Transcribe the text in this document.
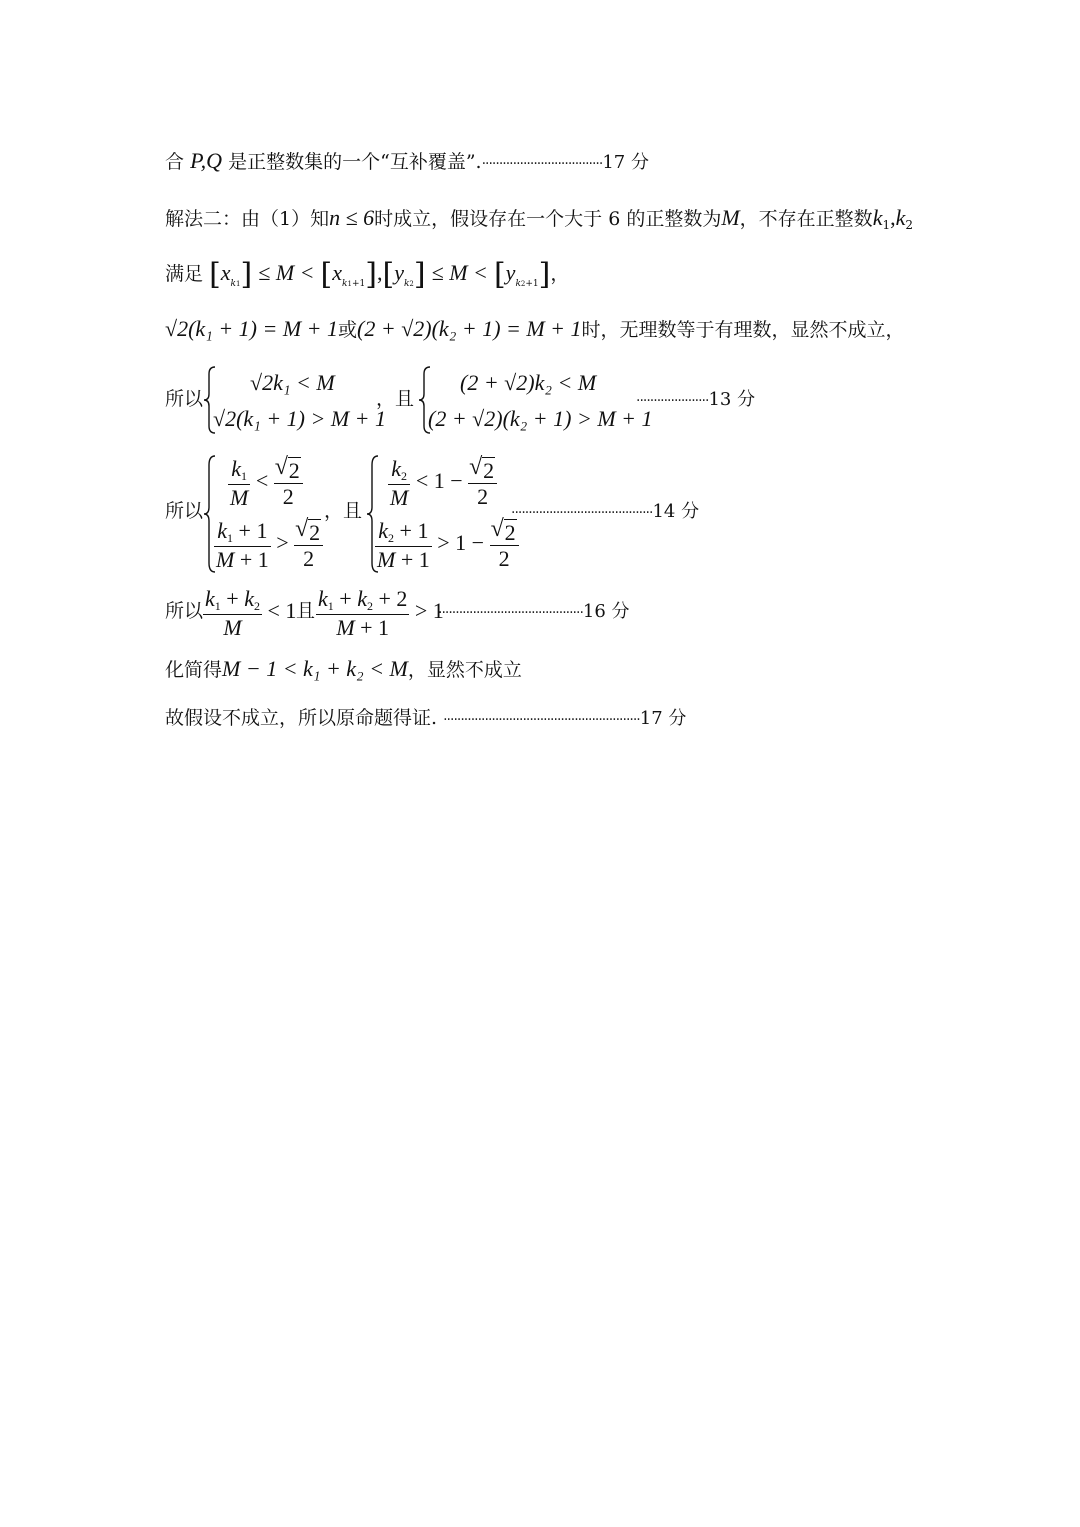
合 P,Q 是正整数集的一个“互补覆盖”.···································17 分
解法二：由（1）知n ≤ 6时成立，假设存在一个大于 6 的正整数为M，不存在正整数$k_1,k_2$
满足 $[x_{k1}] \le M < [x_{k1+1}],[y_{k2}] \le M < [y_{k2+1}]$，
√2(k₁ + 1) = M + 1或(2 + √2)(k₂ + 1) = M + 1时，无理数等于有理数，显然不成立，
所以
√2k₁ < M
√2(k₁ + 1) > M + 1
，且
(2 + √2)k₂ < M
(2 + √2)(k₂ + 1) > M + 1
·····················13 分
所以
$\frac{k_1}{M}$ < √ $\frac{2}{2}$
$\frac{k_1 + 1}{M + 1}$ > √ $\frac{2}{2}$
，且
$\frac{k_2}{M} < 1$ − √ $\frac{2}{2}$
$\frac{k_2 + 1}{M + 1} > 1$ − √ $\frac{2}{2}$
·········································14 分
所以 $\frac{k_1 + k_2}{M} < 1$ 且 $\frac{k_1 + k_2 + 2}{M + 1} > 1$
··········································16 分
化简得M − 1 < k₁ + k₂ < M，显然不成立
故假设不成立，所以原命题得证. ·························································17 分
